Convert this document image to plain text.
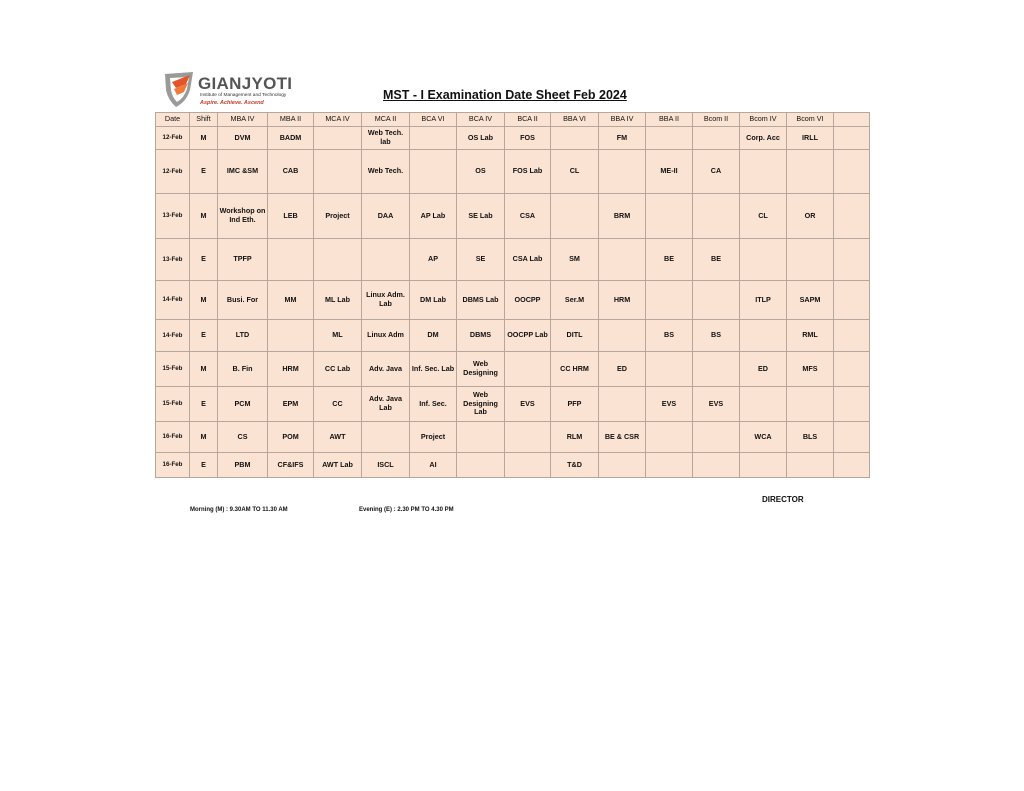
GIANJYOTI
Institute of Management and Technology
Aspire. Achieve. Ascend
MST - I Examination Date Sheet Feb 2024
Date	Shift	MBA IV	MBA II	MCA IV	MCA II	BCA VI	BCA IV	BCA II	BBA VI	BBA IV	BBA II	Bcom II	Bcom IV	Bcom VI	
12-Feb	M	DVM	BADM		Web Tech. lab		OS Lab	FOS		FM			Corp. Acc	IRLL	
12-Feb	E	IMC &SM	CAB		Web Tech.		OS	FOS Lab	CL		ME-II	CA			
13-Feb	M	Workshop on Ind Eth.	LEB	Project	DAA	AP Lab	SE Lab	CSA		BRM			CL	OR	
13-Feb	E	TPFP				AP	SE	CSA Lab	SM		BE	BE			
14-Feb	M	Busi. For	MM	ML Lab	Linux Adm. Lab	DM Lab	DBMS Lab	OOCPP	Ser.M	HRM			ITLP	SAPM	
14-Feb	E	LTD		ML	Linux Adm	DM	DBMS	OOCPP Lab	DITL		BS	BS		RML	
15-Feb	M	B. Fin	HRM	CC Lab	Adv. Java	Inf. Sec. Lab	Web Designing		CC HRM	ED			ED	MFS	
15-Feb	E	PCM	EPM	CC	Adv. Java Lab	Inf. Sec.	Web Designing Lab	EVS	PFP		EVS	EVS			
16-Feb	M	CS	POM	AWT		Project			RLM	BE & CSR			WCA	BLS	
16-Feb	E	PBM	CF&IFS	AWT Lab	ISCL	AI			T&D						
DIRECTOR
Morning (M) : 9.30AM TO 11.30 AM	Evening (E) : 2.30 PM TO 4.30 PM
